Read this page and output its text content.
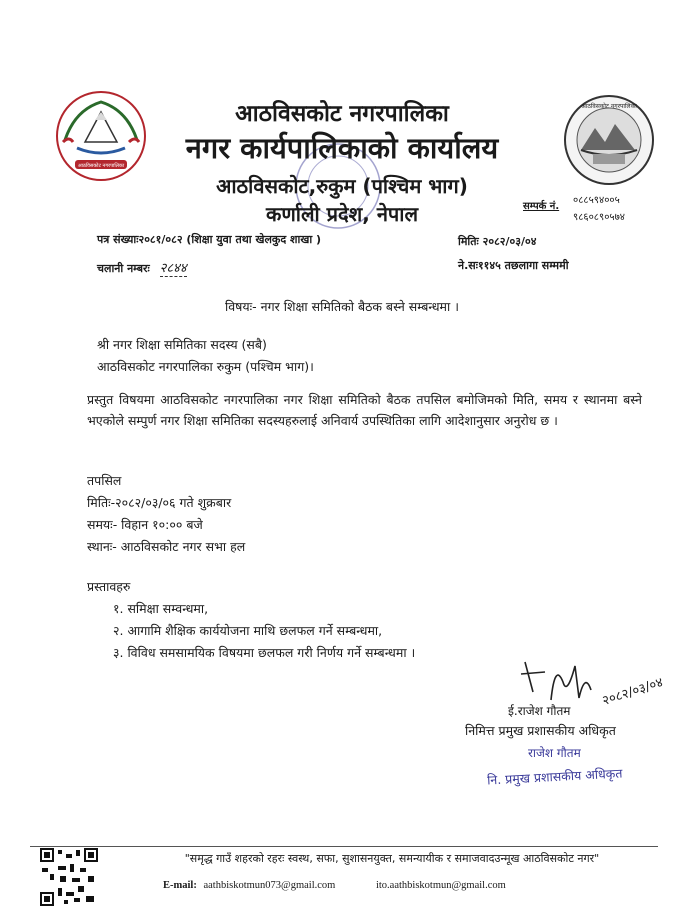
आठविसकोट नगरपालिका
आठविसकोट नगरपालिका
आठविसकोट नगरपालिका
नगर कार्यपालिकाको कार्यालय
आठविसकोट,रुकुम (पश्चिम भाग)
कर्णाली प्रदेश, नेपाल	सम्पर्क नं.
०८८५९४००५
९८६०८९०५७४
पत्र संख्याः२०८१/०८२ (शिक्षा युवा तथा खेलकुद शाखा )
चलानी नम्बरः २८४४
मितिः २०८२/०३/०४
ने.सः११४५ तछलागा सम्ममी
विषयः- नगर शिक्षा समितिको बैठक बस्ने सम्बन्धमा ।
श्री नगर शिक्षा समितिका सदस्य (सबै)
आठविसकोट नगरपालिका रुकुम (पश्चिम भाग)।
प्रस्तुत विषयमा आठविसकोट नगरपालिका नगर शिक्षा समितिको बैठक तपसिल बमोजिमको मिति, समय र स्थानमा बस्ने भएकोले सम्पुर्ण नगर शिक्षा समितिका सदस्यहरुलाई अनिवार्य उपस्थितिका लागि आदेशानुसार अनुरोध छ ।
तपसिल
मितिः-२०८२/०३/०६ गते शुक्रबार
समयः- विहान १०:०० बजे
स्थानः- आठविसकोट नगर सभा हल
प्रस्तावहरु
१. समिक्षा सम्वन्धमा,
२. आगामि शैक्षिक कार्ययोजना माथि छलफल गर्ने सम्बन्धमा,
३. विविध समसामयिक विषयमा छलफल गरी निर्णय गर्ने सम्बन्धमा ।
२०८२/०३/०४
ई.राजेश गौतम
निमित्त प्रमुख प्रशासकीय अधिकृत
राजेश गौतम
नि. प्रमुख प्रशासकीय अधिकृत
"समृद्ध गाउँ शहरको रहरः स्वस्थ, सफा, सुशासनयुक्त, समन्यायीक र समाजवादउन्मूख आठविसकोट नगर"
E-mail: aathbiskotmun073@gmail.com	ito.aathbiskotmun@gmail.com
